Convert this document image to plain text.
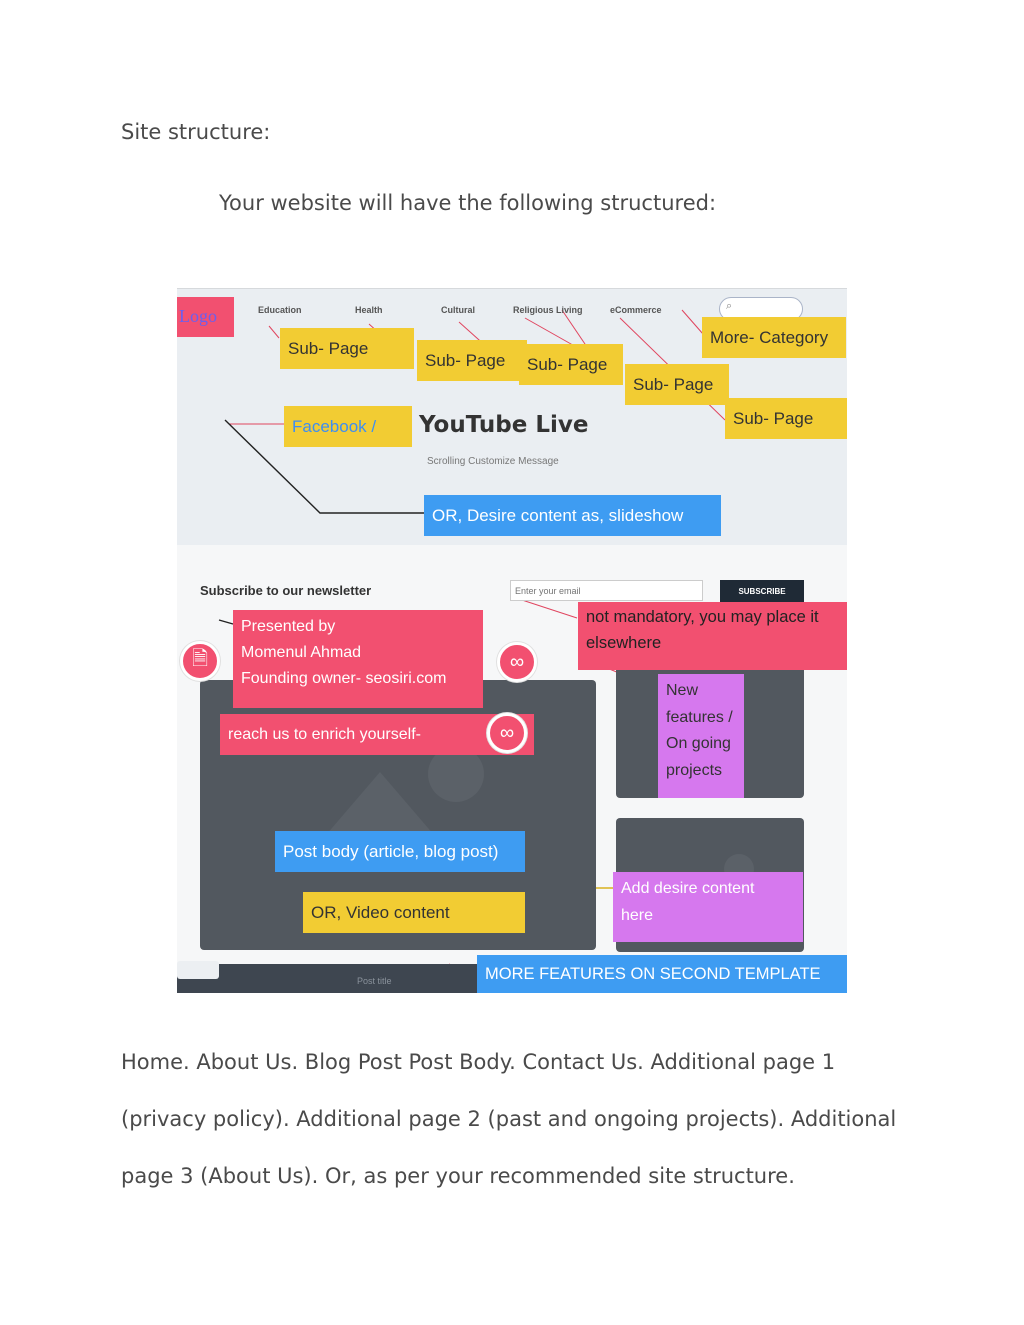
Site structure:
Your website will have the following structured:
Logo	Education	Health	Cultural	Religious Living	eCommerce	⌕
Sub- Page
Sub- Page Sub- Page
Sub- Page
More- Category
Sub- Page
Facebook / YouTube Live
Scrolling Customize Message
OR, Desire content as, slideshow
Subscribe to our newsletter
Enter your email	SUBSCRIBE
Presented by
Momenul Ahmad
Founding owner- seosiri.com
not mandatory, you may place it
elsewhere
New
features /
On going
projects
reach us to enrich yourself-
🗎	∞
∞
Post body (article, blog post)
OR, Video content
Add desire content
here
Post title	MORE FEATURES ON SECOND TEMPLATE
Home. About Us. Blog Post Post Body. Contact Us. Additional page 1 (privacy policy). Additional page 2 (past and ongoing projects). Additional page 3 (About Us). Or, as per your recommended site structure.
